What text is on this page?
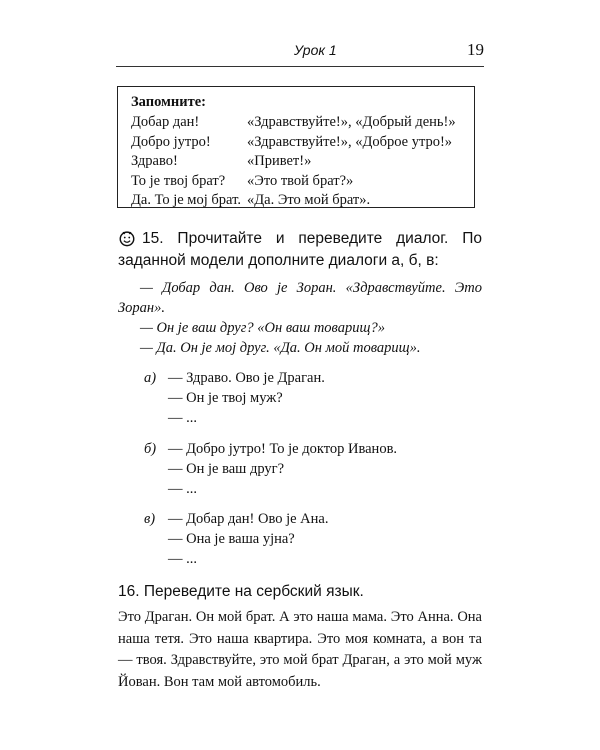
Урок 1	19
Запомните:
Добар дан!	«Здравствуйте!», «Добрый день!»
Добро јутро!	«Здравствуйте!», «Доброе утро!»
Здраво!	«Привет!»
То је твој брат?	«Это твой брат?»
Да. То је мој брат. «Да. Это мой брат».

15. Прочитайте и переведите диалог. По заданной модели дополните диалоги а, б, в:

— Добар дан. Ово је Зоран. «Здравствуйте. Это Зоран».

— Он је ваш друг? «Он ваш товарищ?»

— Да. Он је мој друг. «Да. Он мой товарищ».

а) — Здраво. Ово је Драган.
— Он је твој муж?
— ...
б) — Добро јутро! То је доктор Иванов.
— Он је ваш друг?
— ...
в) — Добар дан! Ово је Ана.
— Она је ваша ујна?
— ...
16. Переведите на сербский язык.

Это Драган. Он мой брат. А это наша мама. Это Анна. Она наша тетя. Это наша квартира. Это моя комната, а вон та — твоя. Здравствуйте, это мой брат Драган, а это мой муж Йован. Вон там мой автомобиль.
